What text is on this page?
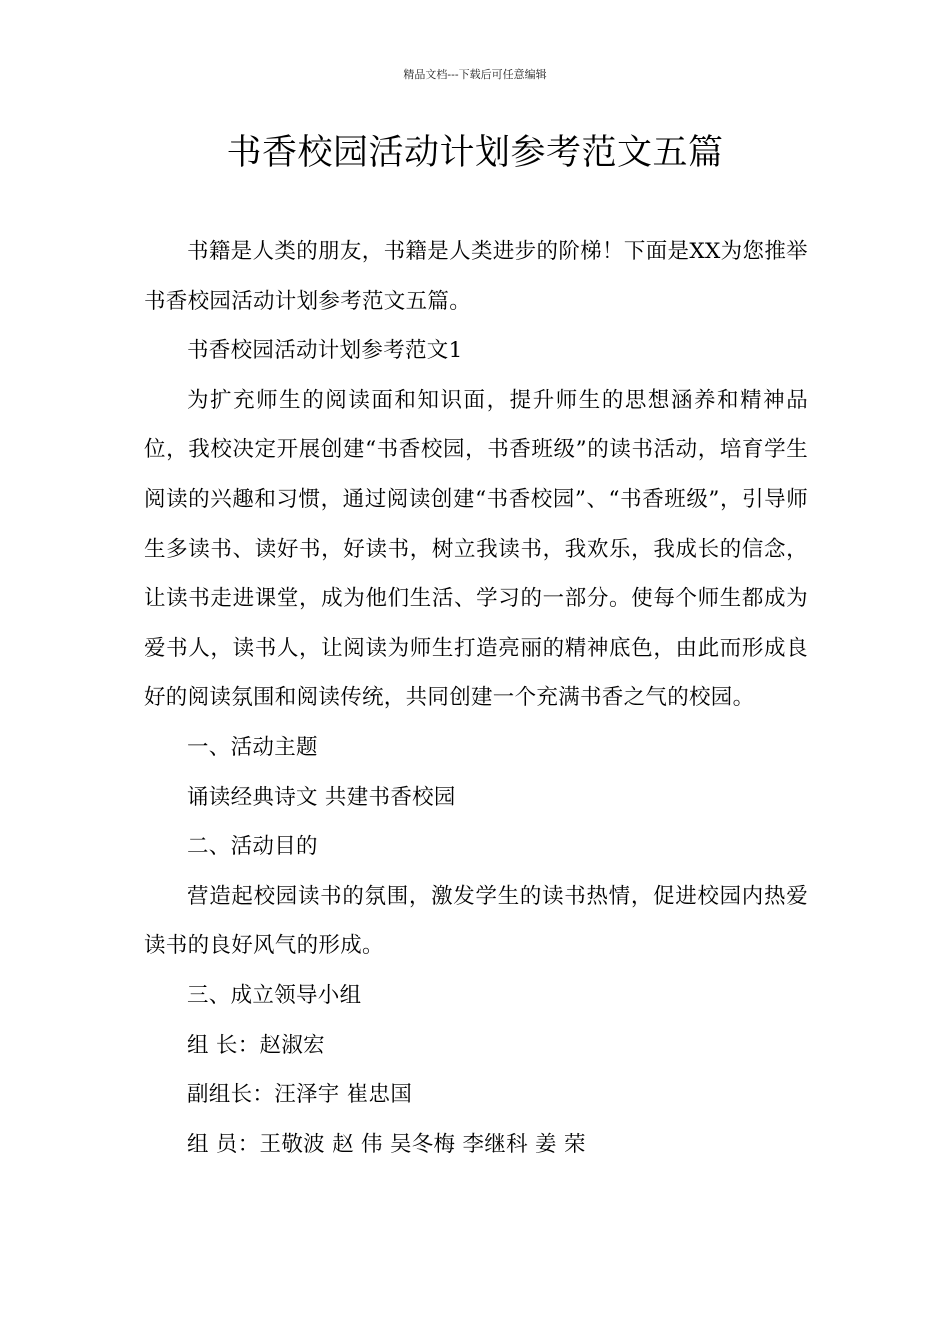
精品文档---下载后可任意编辑
书香校园活动计划参考范文五篇

书籍是人类的朋友，书籍是人类进步的阶梯！下面是XX为您推举书香校园活动计划参考范文五篇。

书香校园活动计划参考范文1

为扩充师生的阅读面和知识面，提升师生的思想涵养和精神品位，我校决定开展创建“书香校园，书香班级”的读书活动，培育学生阅读的兴趣和习惯，通过阅读创建“书香校园”、“书香班级”，引导师生多读书、读好书，好读书，树立我读书，我欢乐，我成长的信念，让读书走进课堂，成为他们生活、学习的一部分。使每个师生都成为爱书人，读书人，让阅读为师生打造亮丽的精神底色，由此而形成良好的阅读氛围和阅读传统，共同创建一个充满书香之气的校园。

一、活动主题

诵读经典诗文 共建书香校园

二、活动目的

营造起校园读书的氛围，激发学生的读书热情，促进校园内热爱读书的良好风气的形成。

三、成立领导小组

组 长：赵淑宏

副组长：汪泽宇 崔忠国

组 员：王敬波 赵 伟 吴冬梅 李继科 姜 荣
